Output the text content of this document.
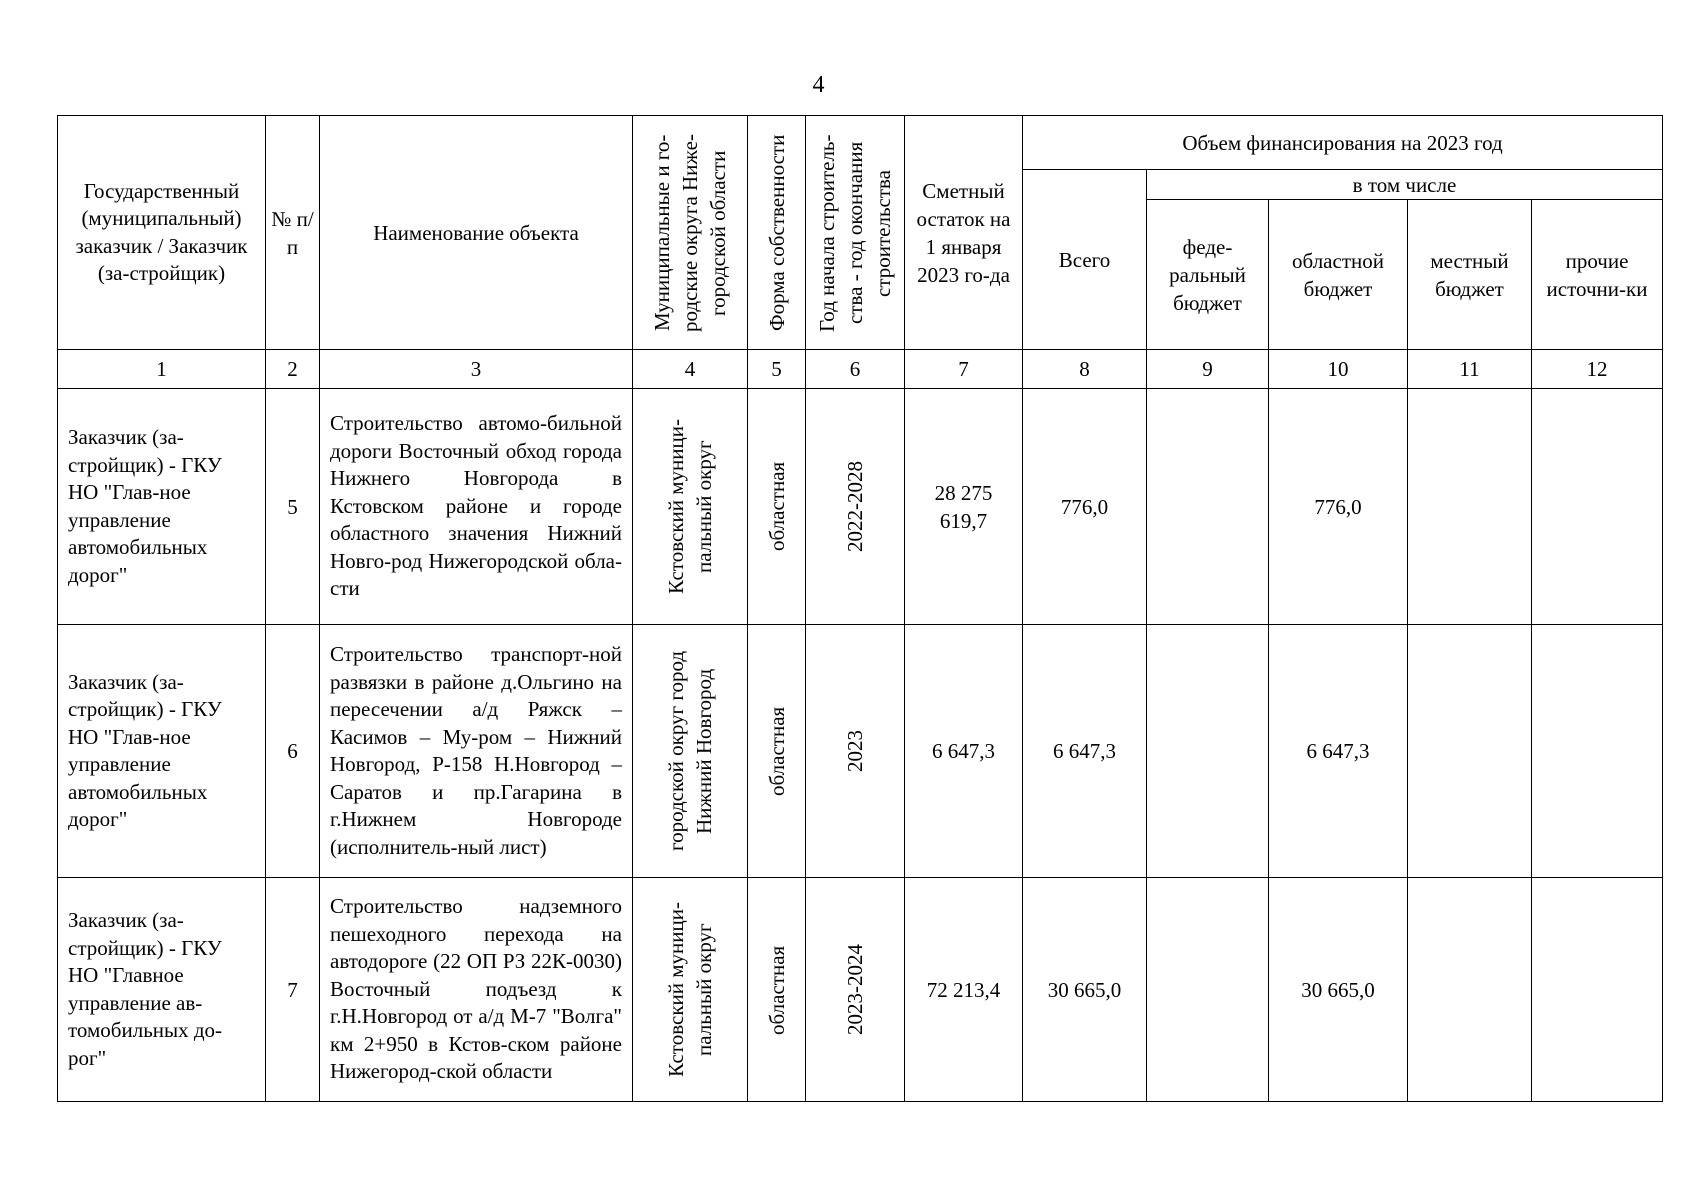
4
Государственный (муниципальный) заказчик / Заказчик (за-стройщик)	№ п/п	Наименование объекта	Муниципальные и го-родские округа Ниже-городской области	Форма собственности	Год начала строитель-ства - год окончания строительства	Сметный остаток на 1 января 2023 го-да	Объем финансирования на 2023 год				
							Всего	в том числе			

								феде-ральный бюджет	областной бюджет	местный бюджет	прочие источни-ки

1	2	3	4	5	6	7	8	9	10	11	12

Заказчик (за-стройщик) - ГКУ НО "Глав-ное управление автомобильных дорог"	5	Строительство автомо-бильной дороги Восточный обход города Нижнего Новгорода в Кстовском районе и городе областного значения Нижний Новго-род Нижегородской обла-сти	Кстовский муници-пальный округ	областная	2022-2028	28 275 619,7	776,0		776,0		

Заказчик (за-стройщик) - ГКУ НО "Глав-ное управление автомобильных дорог"	6	Строительство транспорт-ной развязки в районе д.Ольгино на пересечении а/д Ряжск – Касимов – Му-ром – Нижний Новгород, Р-158 Н.Новгород – Саратов и пр.Гагарина в г.Нижнем Новгороде (исполнитель-ный лист)	городской округ город Нижний Новгород	областная	2023	6 647,3	6 647,3		6 647,3		

Заказчик (за-стройщик) - ГКУ НО "Главное управление ав-томобильных до-рог"	7	Строительство надземного пешеходного перехода на автодороге (22 ОП РЗ 22К-0030) Восточный подъезд к г.Н.Новгород от а/д М-7 "Волга" км 2+950 в Кстов-ском районе Нижегород-ской области	Кстовский муници-пальный округ	областная	2023-2024	72 213,4	30 665,0		30 665,0		
